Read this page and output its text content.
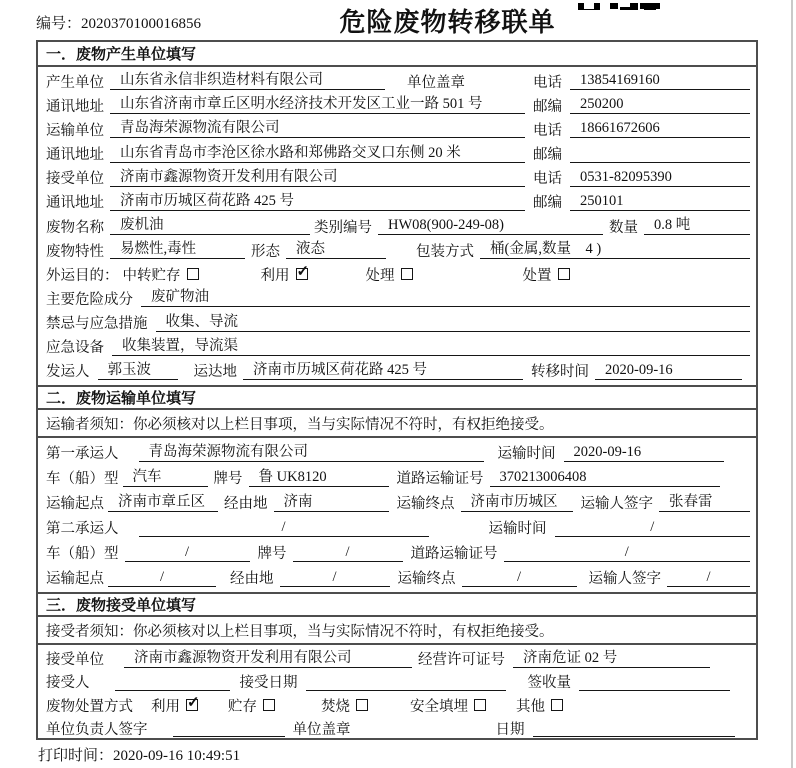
编号：2020370100016856	危险废物转移联单
一．废物产生单位填写
产生单位	山东省永信非织造材料有限公司	单位盖章	电话	13854169160
通讯地址	山东省济南市章丘区明水经济技术开发区工业一路 501 号	邮编	250200
运输单位	青岛海荣源物流有限公司	电话	18661672606
通讯地址	山东省青岛市李沧区徐水路和郑佛路交叉口东侧 20 米	邮编
接受单位	济南市鑫源物资开发利用有限公司	电话	0531-82095390
通讯地址	济南市历城区荷花路 425 号	邮编	250101
废物名称	废机油	类别编号	HW08(900-249-08)	数量	0.8 吨
废物特性	易燃性,毒性	形态	液态	包装方式	桶(金属,数量　4 )
外运目的： 中转贮存	利用 ✓	处理	处置
主要危险成分	废矿物油
禁忌与应急措施	收集、导流
应急设备	收集装置，导流渠
发运人	郭玉波	运达地	济南市历城区荷花路 425 号	转移时间	2020-09-16
二．废物运输单位填写
运输者须知：你必须核对以上栏目事项，当与实际情况不符时，有权拒绝接受。
第一承运人	青岛海荣源物流有限公司	运输时间	2020-09-16
车（船）型 汽车	牌号	鲁 UK8120	道路运输证号	370213006408
运输起点 济南市章丘区 经由地	济南	运输终点	济南市历城区 运输人签字	张春雷
第二承运人	/	运输时间	/
车（船）型	/	牌号	/	道路运输证号	/
运输起点	/	经由地	/	运输终点	/	运输人签字	/
三．废物接受单位填写
接受者须知：你必须核对以上栏目事项，当与实际情况不符时，有权拒绝接受。
接受单位	济南市鑫源物资开发利用有限公司	经营许可证号	济南危证 02 号
接受人	接受日期	签收量
废物处置方式 利用 ✓	贮存	焚烧	安全填埋	其他
单位负责人签字	单位盖章	日期
打印时间：2020-09-16 10:49:51
